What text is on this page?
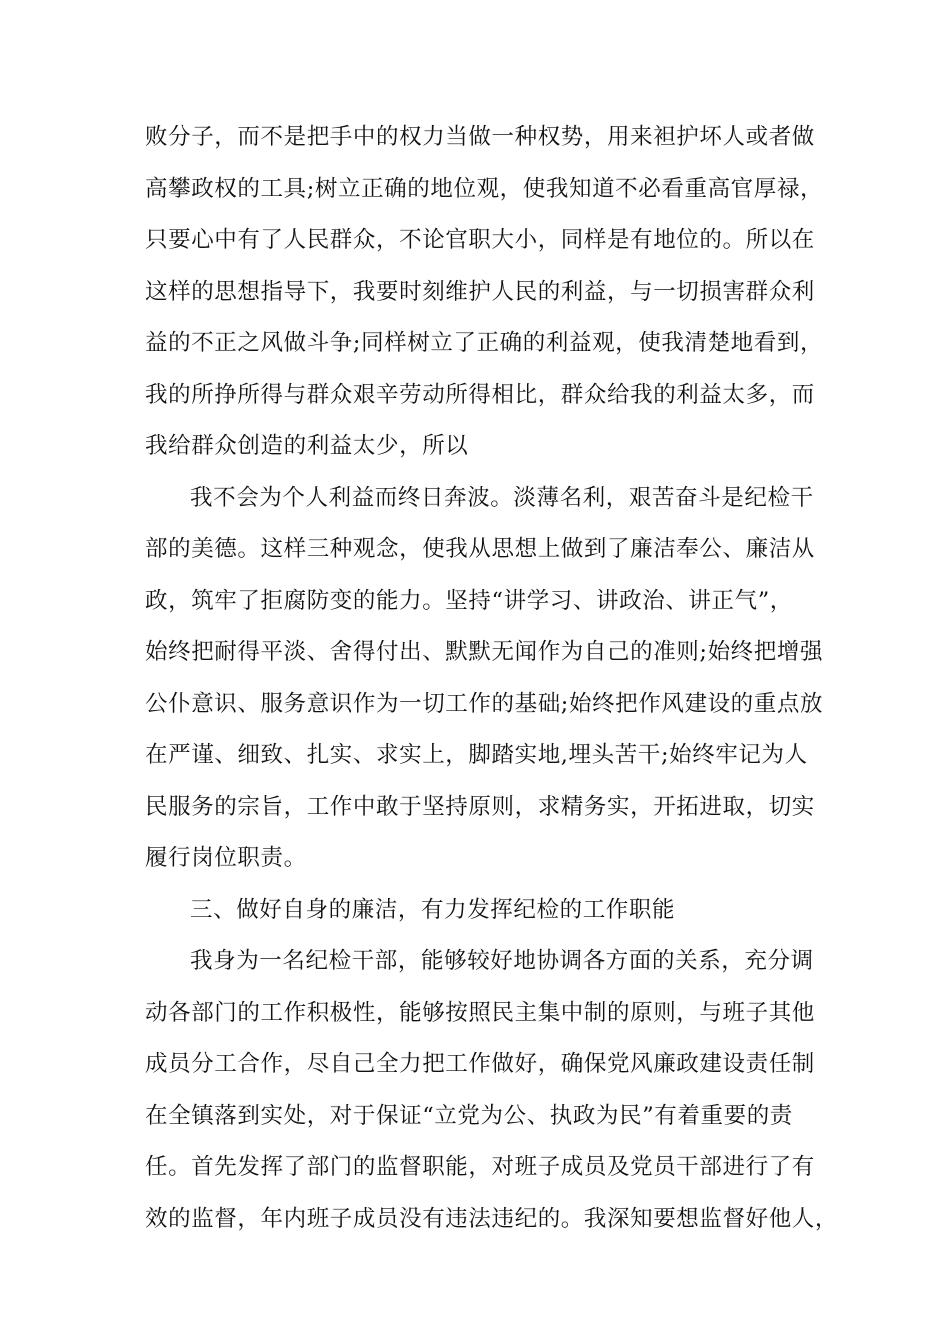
败分子，而不是把手中的权力当做一种权势，用来袒护坏人或者做
高攀政权的工具;树立正确的地位观，使我知道不必看重高官厚禄，
只要心中有了人民群众，不论官职大小，同样是有地位的。所以在
这样的思想指导下，我要时刻维护人民的利益，与一切损害群众利
益的不正之风做斗争;同样树立了正确的利益观，使我清楚地看到，
我的所挣所得与群众艰辛劳动所得相比，群众给我的利益太多，而
我给群众创造的利益太少，所以
我不会为个人利益而终日奔波。淡薄名利，艰苦奋斗是纪检干
部的美德。这样三种观念，使我从思想上做到了廉洁奉公、廉洁从
政，筑牢了拒腐防变的能力。坚持“讲学习、讲政治、讲正气”，
始终把耐得平淡、舍得付出、默默无闻作为自己的准则;始终把增强
公仆意识、服务意识作为一切工作的基础;始终把作风建设的重点放
在严谨、细致、扎实、求实上，脚踏实地,埋头苦干;始终牢记为人
民服务的宗旨，工作中敢于坚持原则，求精务实，开拓进取，切实
履行岗位职责。
三、做好自身的廉洁，有力发挥纪检的工作职能
我身为一名纪检干部，能够较好地协调各方面的关系，充分调
动各部门的工作积极性，能够按照民主集中制的原则，与班子其他
成员分工合作，尽自己全力把工作做好，确保党风廉政建设责任制
在全镇落到实处，对于保证“立党为公、执政为民”有着重要的责
任。首先发挥了部门的监督职能，对班子成员及党员干部进行了有
效的监督，年内班子成员没有违法违纪的。我深知要想监督好他人，
